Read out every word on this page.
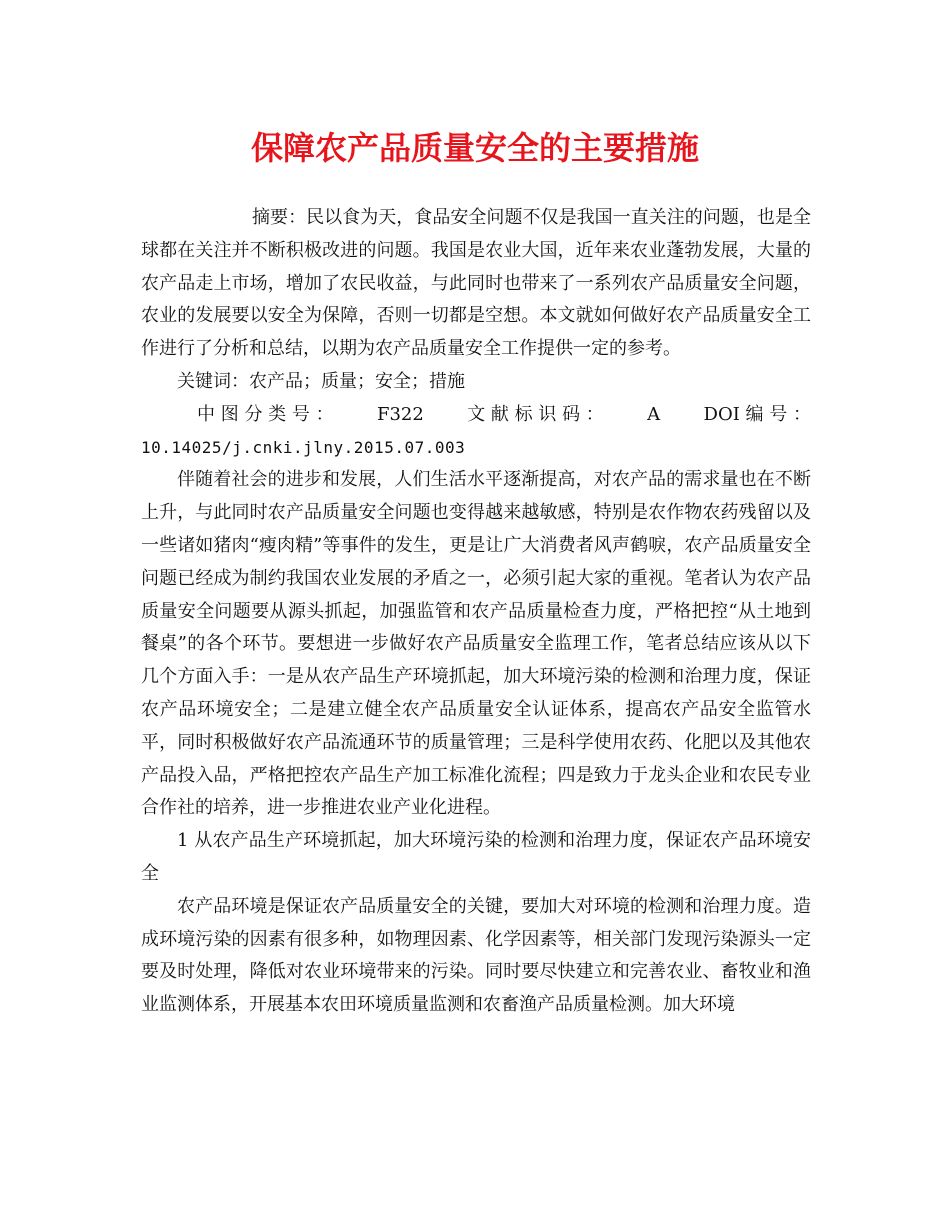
保障农产品质量安全的主要措施

摘要：民以食为天，食品安全问题不仅是我国一直关注的问题，也是全球都在关注并不断积极改进的问题。我国是农业大国，近年来农业蓬勃发展，大量的农产品走上市场，增加了农民收益，与此同时也带来了一系列农产品质量安全问题，农业的发展要以安全为保障，否则一切都是空想。本文就如何做好农产品质量安全工作进行了分析和总结，以期为农产品质量安全工作提供一定的参考。

关键词：农产品；质量；安全；措施

中 图 分 类 号 ： F322 文 献 标 识 码 ： A DOI 编 号 ：

10.14025/j.cnki.jlny.2015.07.003

伴随着社会的进步和发展，人们生活水平逐渐提高，对农产品的需求量也在不断上升，与此同时农产品质量安全问题也变得越来越敏感，特别是农作物农药残留以及一些诸如猪肉“瘦肉精”等事件的发生，更是让广大消费者风声鹤唳，农产品质量安全问题已经成为制约我国农业发展的矛盾之一，必须引起大家的重视。笔者认为农产品质量安全问题要从源头抓起，加强监管和农产品质量检查力度，严格把控“从土地到餐桌”的各个环节。要想进一步做好农产品质量安全监理工作，笔者总结应该从以下几个方面入手：一是从农产品生产环境抓起，加大环境污染的检测和治理力度，保证农产品环境安全；二是建立健全农产品质量安全认证体系，提高农产品安全监管水平，同时积极做好农产品流通环节的质量管理；三是科学使用农药、化肥以及其他农产品投入品，严格把控农产品生产加工标准化流程；四是致力于龙头企业和农民专业合作社的培养，进一步推进农业产业化进程。

1 从农产品生产环境抓起，加大环境污染的检测和治理力度，保证农产品环境安全

农产品环境是保证农产品质量安全的关键，要加大对环境的检测和治理力度。造成环境污染的因素有很多种，如物理因素、化学因素等，相关部门发现污染源头一定要及时处理，降低对农业环境带来的污染。同时要尽快建立和完善农业、畜牧业和渔业监测体系，开展基本农田环境质量监测和农畜渔产品质量检测。加大环境
